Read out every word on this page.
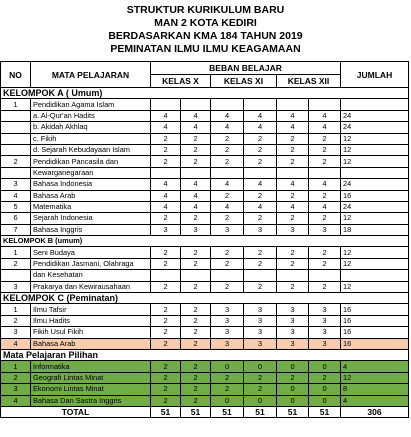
STRUKTUR KURIKULUM BARU
MAN 2 KOTA KEDIRI
BERDASARKAN KMA 184 TAHUN 2019
PEMINATAN ILMU ILMU KEAGAMAAN
NO	MATA PELAJARAN	BEBAN BELAJAR						JUMLAH
		KELAS X		KELAS XI		KELAS XII		
KELOMPOK A ( Umum)								
1	Pendidikan Agama Islam							
	a. Al-Qur'an Hadits	4	4	4	4	4	4	24
	b. Akidah Akhlaq	4	4	4	4	4	4	24
	c. Fikih	2	2	2	2	2	2	12
	d. Sejarah Kebudayaan Islam	2	2	2	2	2	2	12
2	Pendidikan Pancasila dan	2	2	2	2	2	2	12
	Kewarganegaraan							
3	Bahasa Indonesia	4	4	4	4	4	4	24
4	Bahasa Arab	4	4	2	2	2	2	16
5	Matematika	4	4	4	4	4	4	24
6	Sejarah Indonesia	2	2	2	2	2	2	12
7	Bahasa Inggris	3	3	3	3	3	3	18
KELOMPOK B (umum)								
1	Seni Budaya	2	2	2	2	2	2	12
2	Pendidikan Jasmani, Olahraga	2	2	2	2	2	2	12
	dan Kesehatan							
3	Prakarya dan Kewirausahaan	2	2	2	2	2	2	12
KELOMPOK C (Peminatan)								
1	Ilmu Tafsir	2	2	3	3	3	3	16
2	Ilmu Hadits	2	2	3	3	3	3	16
3	Fikih Usul Fikih	2	2	3	3	3	3	16
4	Bahasa Arab	2	2	3	3	3	3	16
Mata Pelajaran Pilihan								
1	Informatika	2	2	0	0	0	0	4
2	Geografi Lintas Minat	2	2	2	2	2	2	12
3	Ekonomi Lintas Minat	2	2	2	2	0	0	8
4	Bahasa Dan Sastra Inggris	2	2	0	0	0	0	4
TOTAL		51	51	51	51	51	51	306
